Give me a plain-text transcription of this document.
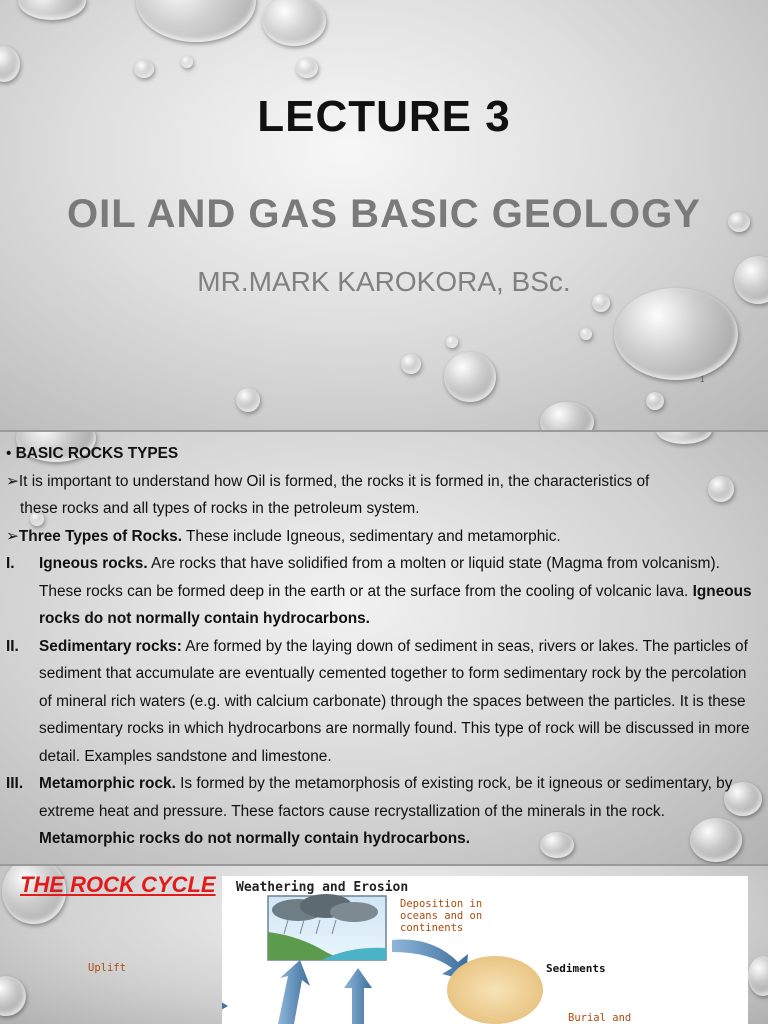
LECTURE 3
OIL AND GAS BASIC GEOLOGY

MR.MARK KAROKORA, BSc.

1

• BASIC ROCKS TYPES

➢It is important to understand how Oil is formed, the rocks it is formed in, the characteristics of

these rocks and all types of rocks in the petroleum system.

➢Three Types of Rocks. These include Igneous, sedimentary and metamorphic.

I.	Igneous rocks. Are rocks that have solidified from a molten or liquid state (Magma from volcanism). These rocks can be formed deep in the earth or at the surface from the cooling of volcanic lava. Igneous rocks do not normally contain hydrocarbons.
II.	Sedimentary rocks: Are formed by the laying down of sediment in seas, rivers or lakes. The particles of sediment that accumulate are eventually cemented together to form sedimentary rock by the percolation of mineral rich waters (e.g. with calcium carbonate) through the spaces between the particles. It is these sedimentary rocks in which hydrocarbons are normally found. This type of rock will be discussed in more detail. Examples sandstone and limestone.
III.	Metamorphic rock. Is formed by the metamorphosis of existing rock, be it igneous or sedimentary, by extreme heat and pressure. These factors cause recrystallization of the minerals in the rock. Metamorphic rocks do not normally contain hydrocarbons.
THE ROCK CYCLE Weathering and Erosion
Deposition in
oceans and on
continents
Uplift	Sediments
Burial and
